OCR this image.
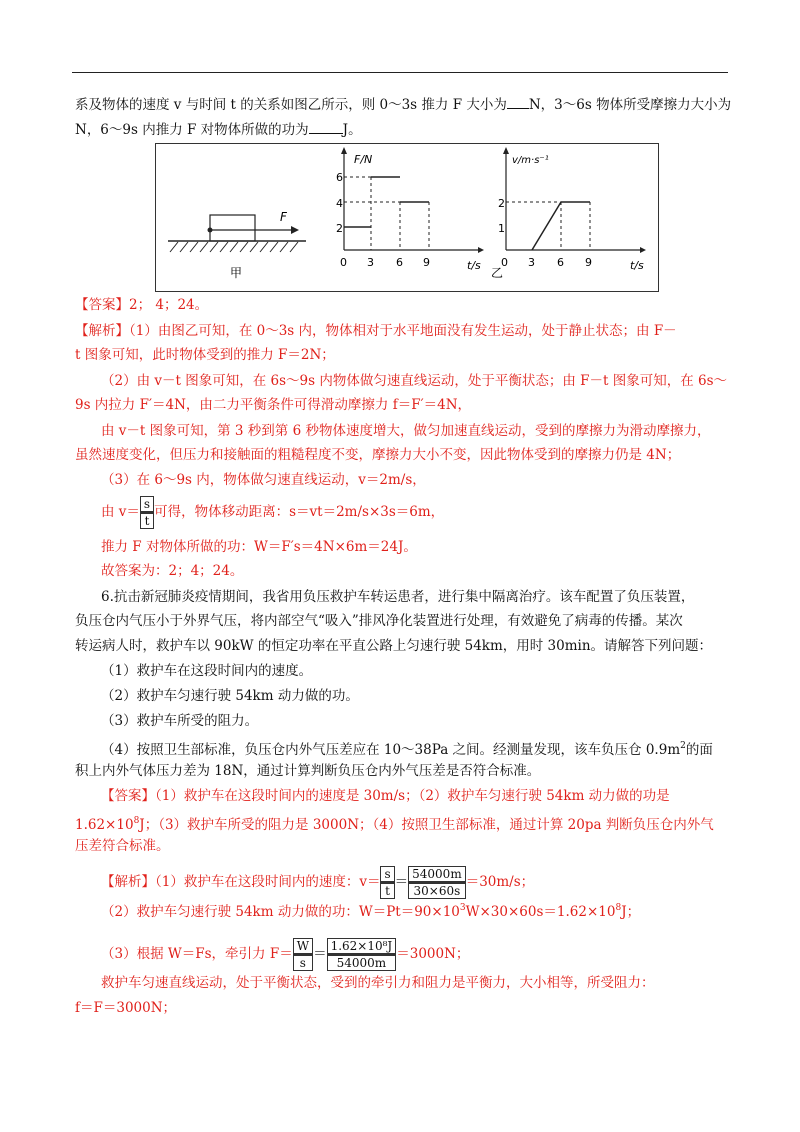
系及物体的速度 v 与时间 t 的关系如图乙所示，则 0～3s 推力 F 大小为 N，3～6s 物体所受摩擦力大小为
N，6～9s 内推力 F 对物体所做的功为	J。
F
甲
F/N
2
4
6
0 3 6 9	t/s
v/m·s⁻¹
1
2
0 3 6 9	t/s
乙
【答案】2； 4；24。
【解析】（1）由图乙可知，在 0～3s 内，物体相对于水平地面没有发生运动，处于静止状态；由 F－
t 图象可知，此时物体受到的推力 F＝2N；
（2）由 v－t 图象可知，在 6s～9s 内物体做匀速直线运动，处于平衡状态；由 F－t 图象可知，在 6s～
9s 内拉力 F′＝4N，由二力平衡条件可得滑动摩擦力 f＝F′＝4N，
由 v－t 图象可知，第 3 秒到第 6 秒物体速度增大，做匀加速直线运动，受到的摩擦力为滑动摩擦力，
虽然速度变化，但压力和接触面的粗糙程度不变，摩擦力大小不变，因此物体受到的摩擦力仍是 4N；
（3）在 6～9s 内，物体做匀速直线运动，v＝2m/s，
由 $v= \frac{s}{t}$ 可得，物体移动距离：s＝vt＝2m/s×3s＝6m，
推力 F 对物体所做的功：W＝F′s＝4N×6m＝24J。
故答案为：2；4；24。
6.抗击新冠肺炎疫情期间，我省用负压救护车转运患者，进行集中隔离治疗。该车配置了负压装置，
负压仓内气压小于外界气压，将内部空气“吸入”排风净化装置进行处理，有效避免了病毒的传播。某次
转运病人时，救护车以 90kW 的恒定功率在平直公路上匀速行驶 54km，用时 30min。请解答下列问题：
（1）救护车在这段时间内的速度。
（2）救护车匀速行驶 54km 动力做的功。
（3）救护车所受的阻力。
（4）按照卫生部标准，负压仓内外气压差应在 10～38Pa 之间。经测量发现，该车负压仓 $0.9m^2$的面
积上内外气体压力差为 18N，通过计算判断负压仓内外气压差是否符合标准。
【答案】（1）救护车在这段时间内的速度是 30m/s；（2）救护车匀速行驶 54km 动力做的功是
$1.62\times 10^8J$；（3）救护车所受的阻力是 3000N；（4）按照卫生部标准，通过计算 20pa 判断负压仓内外气
压差符合标准。
【解析】（1）救护车在这段时间内的速度：$v= \frac{s}{t} = \frac{54000m}{30\times 60s} =30m/s$；
（2）救护车匀速行驶 54km 动力做的功：$W=Pt=90\times 10^3W\times 30\times 60s=1.62\times 10^8J$；
（3）根据 W＝Fs，牵引力 $F= \frac{W}{s} = \frac{\text{1.62×10⁸J}}{54000m} =3000N$；
救护车匀速直线运动，处于平衡状态，受到的牵引力和阻力是平衡力，大小相等，所受阻力：
f＝F＝3000N；
